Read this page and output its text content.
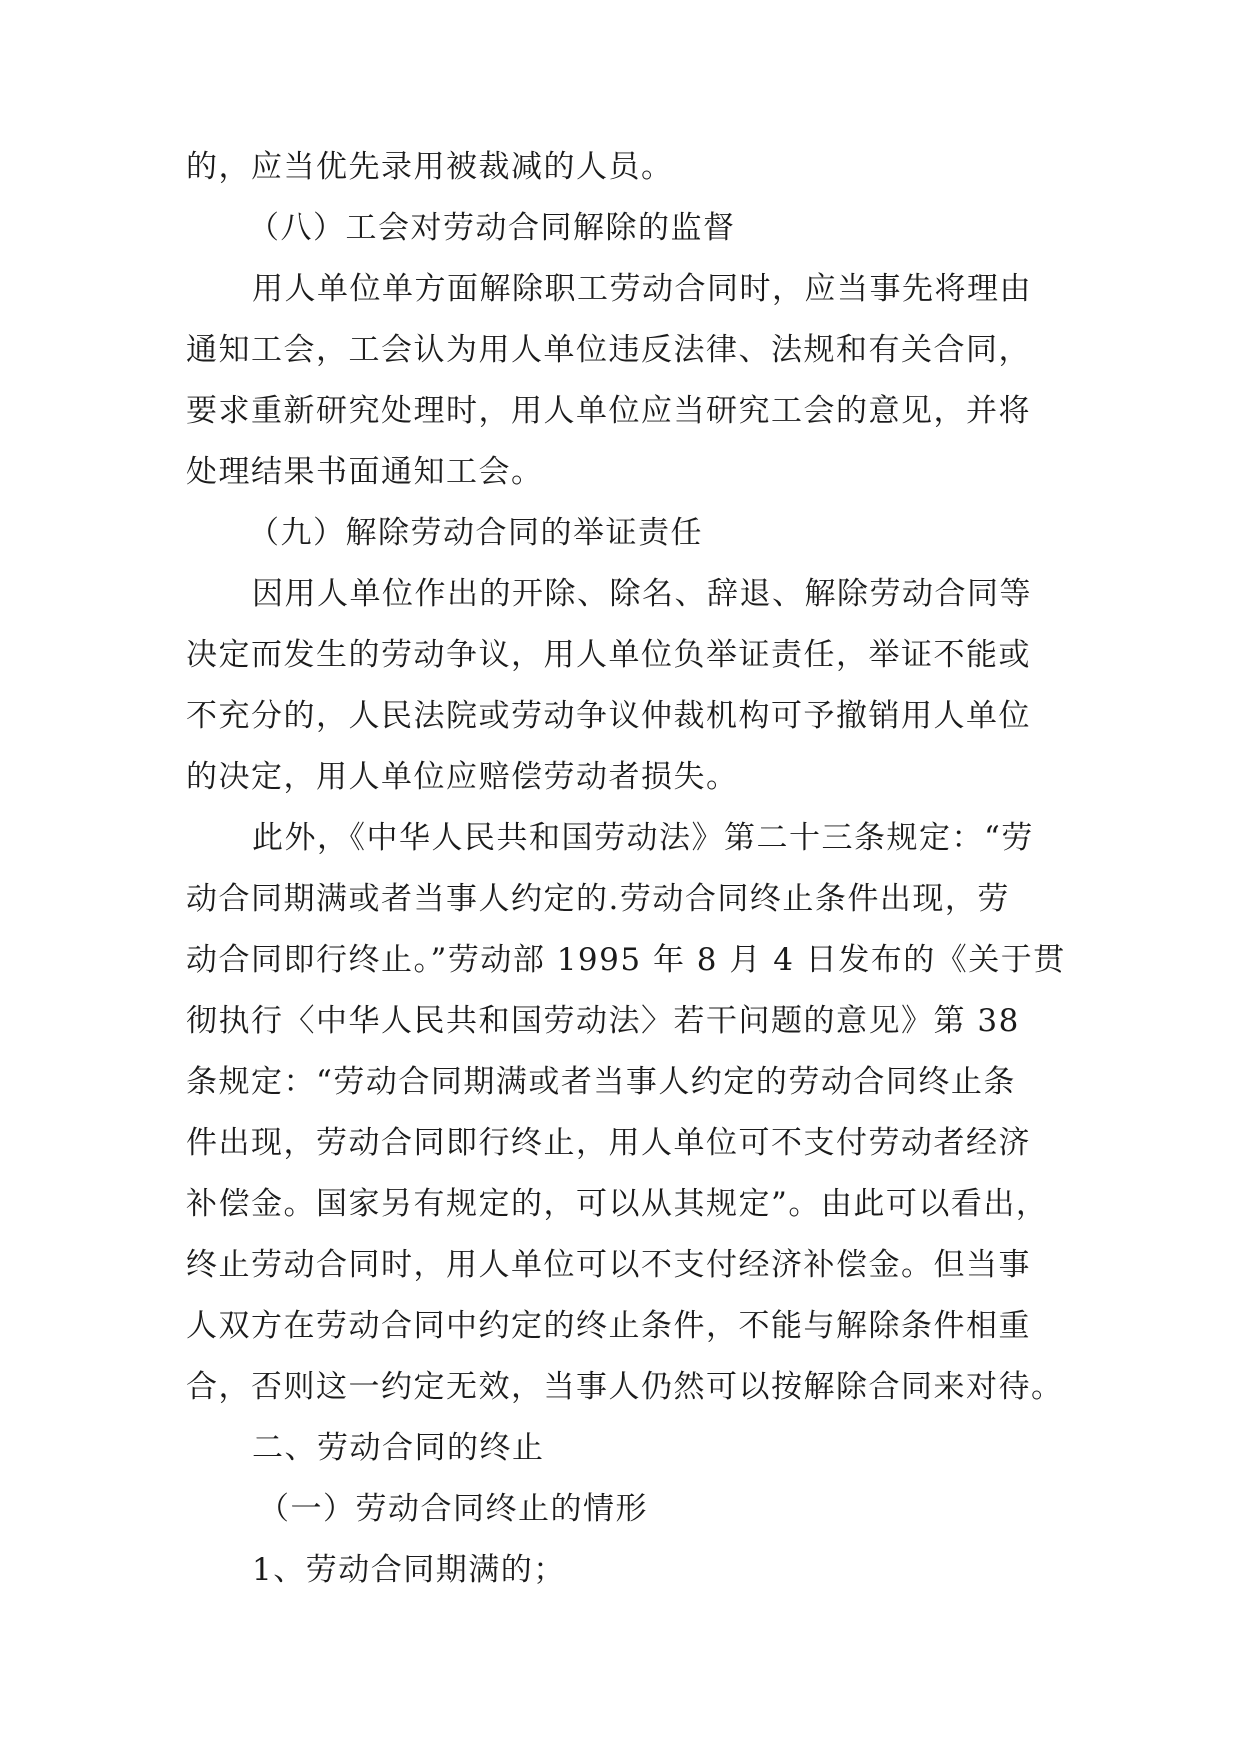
的，应当优先录用被裁减的人员。
（八）工会对劳动合同解除的监督
用人单位单方面解除职工劳动合同时，应当事先将理由
通知工会，工会认为用人单位违反法律、法规和有关合同，
要求重新研究处理时，用人单位应当研究工会的意见，并将
处理结果书面通知工会。
（九）解除劳动合同的举证责任
因用人单位作出的开除、除名、辞退、解除劳动合同等
决定而发生的劳动争议，用人单位负举证责任，举证不能或
不充分的，人民法院或劳动争议仲裁机构可予撤销用人单位
的决定，用人单位应赔偿劳动者损失。
此外，《中华人民共和国劳动法》第二十三条规定：“劳
动合同期满或者当事人约定的.劳动合同终止条件出现，劳
动合同即行终止。”劳动部 1995 年 8 月 4 日发布的《关于贯
彻执行〈中华人民共和国劳动法〉若干问题的意见》第 38
条规定：“劳动合同期满或者当事人约定的劳动合同终止条
件出现，劳动合同即行终止，用人单位可不支付劳动者经济
补偿金。国家另有规定的，可以从其规定”。由此可以看出，
终止劳动合同时，用人单位可以不支付经济补偿金。但当事
人双方在劳动合同中约定的终止条件，不能与解除条件相重
合，否则这一约定无效，当事人仍然可以按解除合同来对待。
二、劳动合同的终止
（一）劳动合同终止的情形
1、劳动合同期满的；
